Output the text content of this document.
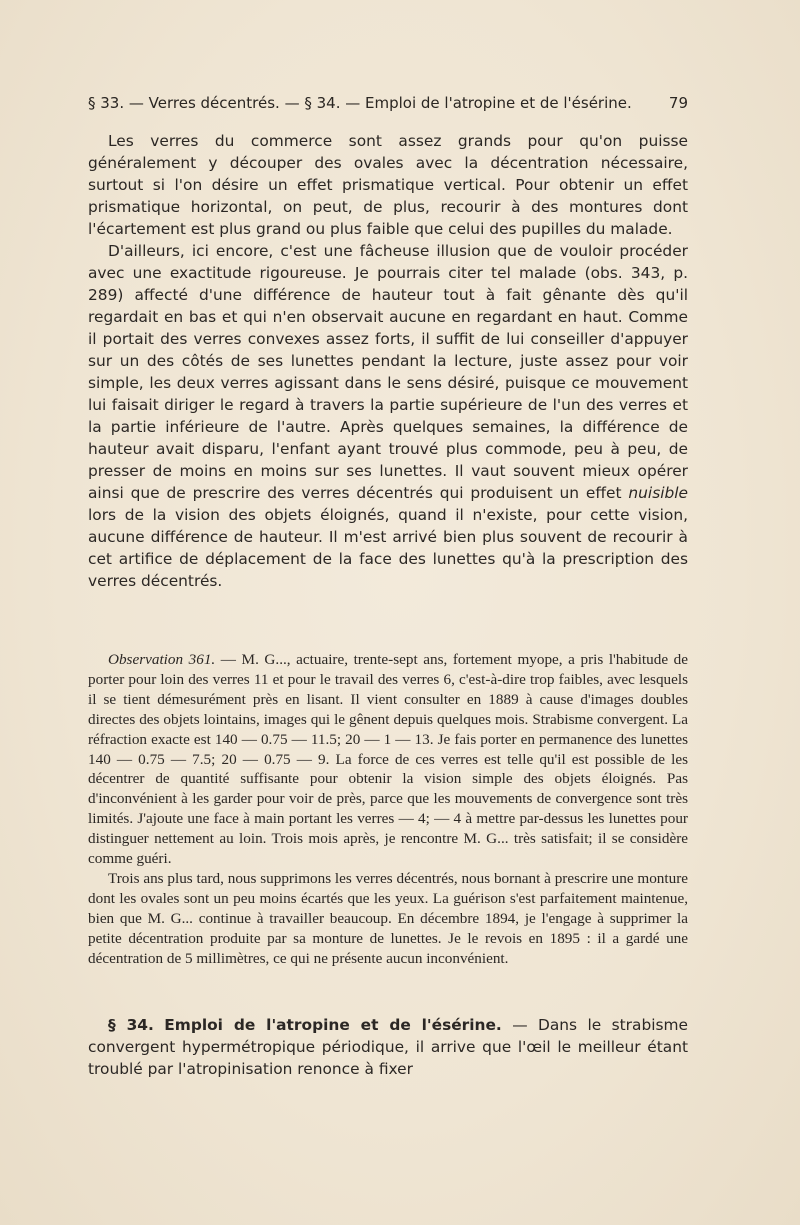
§ 33. — Verres décentrés. — § 34. — Emploi de l'atropine et de l'ésérine. 79

Les verres du commerce sont assez grands pour qu'on puisse généralement y découper des ovales avec la décentration nécessaire, surtout si l'on désire un effet prismatique vertical. Pour obtenir un effet prismatique horizontal, on peut, de plus, recourir à des montures dont l'écartement est plus grand ou plus faible que celui des pupilles du malade.

D'ailleurs, ici encore, c'est une fâcheuse illusion que de vouloir procéder avec une exactitude rigoureuse. Je pourrais citer tel malade (obs. 343, p. 289) affecté d'une différence de hauteur tout à fait gênante dès qu'il regardait en bas et qui n'en observait aucune en regardant en haut. Comme il portait des verres convexes assez forts, il suffit de lui conseiller d'appuyer sur un des côtés de ses lunettes pendant la lecture, juste assez pour voir simple, les deux verres agissant dans le sens désiré, puisque ce mouvement lui faisait diriger le regard à travers la partie supérieure de l'un des verres et la partie inférieure de l'autre. Après quelques semaines, la différence de hauteur avait disparu, l'enfant ayant trouvé plus commode, peu à peu, de presser de moins en moins sur ses lunettes. Il vaut souvent mieux opérer ainsi que de prescrire des verres décentrés qui produisent un effet nuisible lors de la vision des objets éloignés, quand il n'existe, pour cette vision, aucune différence de hauteur. Il m'est arrivé bien plus souvent de recourir à cet artifice de déplacement de la face des lunettes qu'à la prescription des verres décentrés.

Observation 361. — M. G..., actuaire, trente-sept ans, fortement myope, a pris l'habitude de porter pour loin des verres 11 et pour le travail des verres 6, c'est-à-dire trop faibles, avec lesquels il se tient démesurément près en lisant. Il vient consulter en 1889 à cause d'images doubles directes des objets lointains, images qui le gênent depuis quelques mois. Strabisme convergent. La réfraction exacte est 140 — 0.75 — 11.5; 20 — 1 — 13. Je fais porter en permanence des lunettes 140 — 0.75 — 7.5; 20 — 0.75 — 9. La force de ces verres est telle qu'il est possible de les décentrer de quantité suffisante pour obtenir la vision simple des objets éloignés. Pas d'inconvénient à les garder pour voir de près, parce que les mouvements de convergence sont très limités. J'ajoute une face à main portant les verres — 4; — 4 à mettre par-dessus les lunettes pour distinguer nettement au loin. Trois mois après, je rencontre M. G... très satisfait; il se considère comme guéri.

Trois ans plus tard, nous supprimons les verres décentrés, nous bornant à prescrire une monture dont les ovales sont un peu moins écartés que les yeux. La guérison s'est parfaitement maintenue, bien que M. G... continue à travailler beaucoup. En décembre 1894, je l'engage à supprimer la petite décentration produite par sa monture de lunettes. Je le revois en 1895 : il a gardé une décentration de 5 millimètres, ce qui ne présente aucun inconvénient.

§ 34. Emploi de l'atropine et de l'ésérine. — Dans le strabisme convergent hypermétropique périodique, il arrive que l'œil le meilleur étant troublé par l'atropinisation renonce à fixer
